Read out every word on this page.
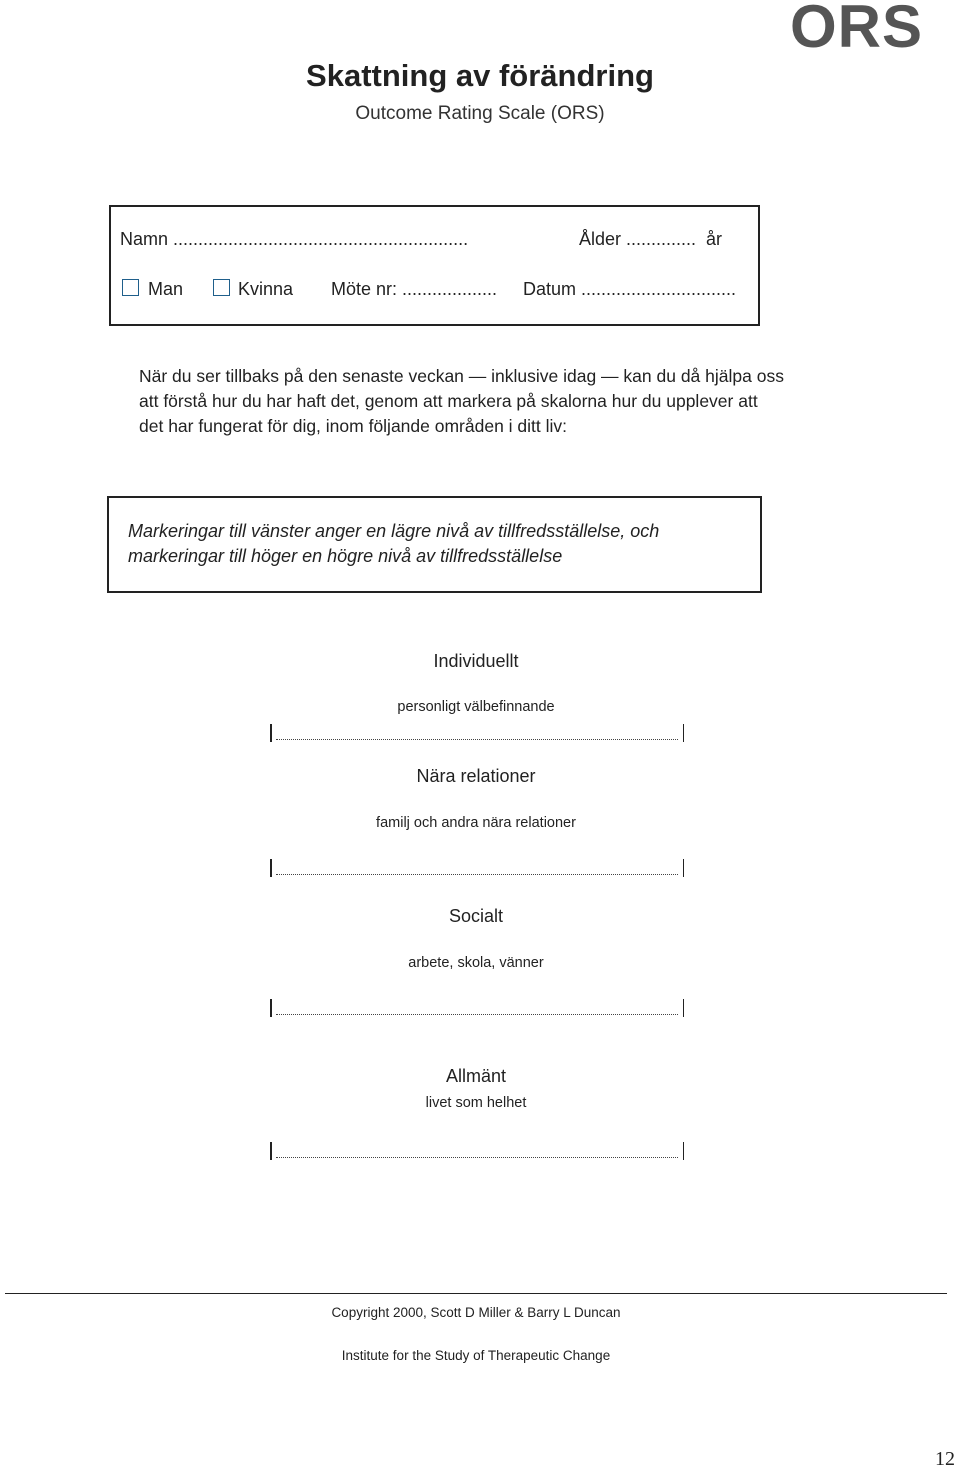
ORS
Skattning av förändring
Outcome Rating Scale (ORS)
Namn ...........................................................	Ålder ..............  år
Man	Kvinna Möte nr: ................... Datum ...............................
När du ser tillbaks på den senaste veckan — inklusive idag — kan du då hjälpa oss
att förstå hur du har haft det, genom att markera på skalorna hur du upplever att
det har fungerat för dig, inom följande områden i ditt liv:
Markeringar till vänster anger en lägre nivå av tillfredsställelse, och
markeringar till höger en högre nivå av tillfredsställelse
Individuellt
personligt välbefinnande
Nära relationer
familj och andra nära relationer
Socialt
arbete, skola, vänner
Allmänt
livet som helhet
Copyright 2000, Scott D Miller & Barry L Duncan
Institute for the Study of Therapeutic Change
12
